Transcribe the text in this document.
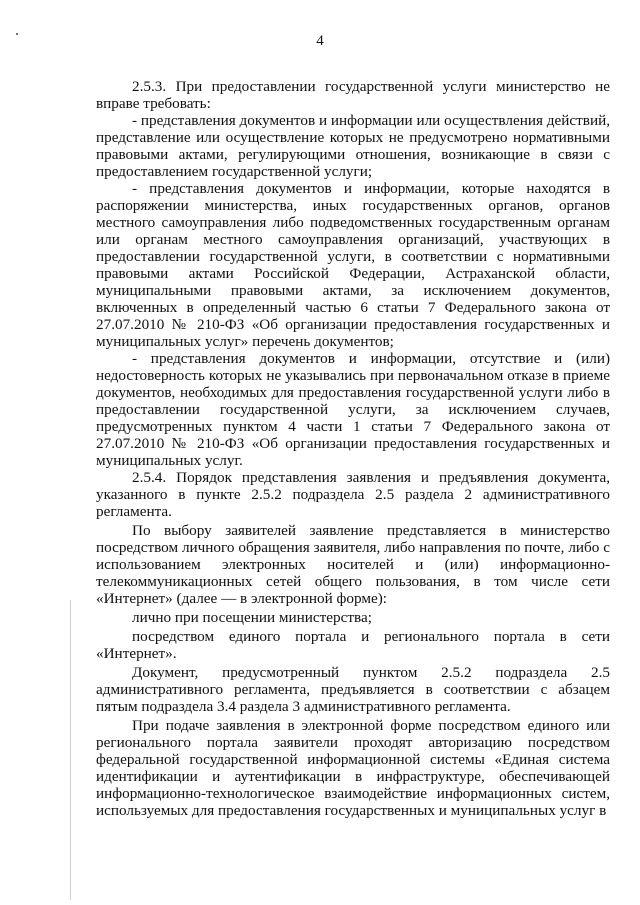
4

2.5.3. При предоставлении государственной услуги министерство не вправе требовать:

- представления документов и информации или осуществления действий, представление или осуществление которых не предусмотрено нормативными правовыми актами, регулирующими отношения, возникающие в связи с предоставлением государственной услуги;

- представления документов и информации, которые находятся в распоряжении министерства, иных государственных органов, органов местного самоуправления либо подведомственных государственным органам или органам местного самоуправления организаций, участвующих в предоставлении государственной услуги, в соответствии с нормативными правовыми актами Российской Федерации, Астраханской области, муниципальными правовыми актами, за исключением документов, включенных в определенный частью 6 статьи 7 Федерального закона от 27.07.2010 № 210-ФЗ «Об организации предоставления государственных и муниципальных услуг» перечень документов;

- представления документов и информации, отсутствие и (или) недостоверность которых не указывались при первоначальном отказе в приеме документов, необходимых для предоставления государственной услуги либо в предоставлении государственной услуги, за исключением случаев, предусмотренных пунктом 4 части 1 статьи 7 Федерального закона от 27.07.2010 № 210-ФЗ «Об организации предоставления государственных и муниципальных услуг.

2.5.4. Порядок представления заявления и предъявления документа, указанного в пункте 2.5.2 подраздела 2.5 раздела 2 административного регламента.

По выбору заявителей заявление представляется в министерство посредством личного обращения заявителя, либо направления по почте, либо с использованием электронных носителей и (или) информационно-телекоммуникационных сетей общего пользования, в том числе сети «Интернет» (далее — в электронной форме):

лично при посещении министерства;

посредством единого портала и регионального портала в сети «Интернет».

Документ, предусмотренный пунктом 2.5.2 подраздела 2.5 административного регламента, предъявляется в соответствии с абзацем пятым подраздела 3.4 раздела 3 административного регламента.

При подаче заявления в электронной форме посредством единого или регионального портала заявители проходят авторизацию посредством федеральной государственной информационной системы «Единая система идентификации и аутентификации в инфраструктуре, обеспечивающей информационно-технологическое взаимодействие информационных систем, используемых для предоставления государственных и муниципальных услуг в
